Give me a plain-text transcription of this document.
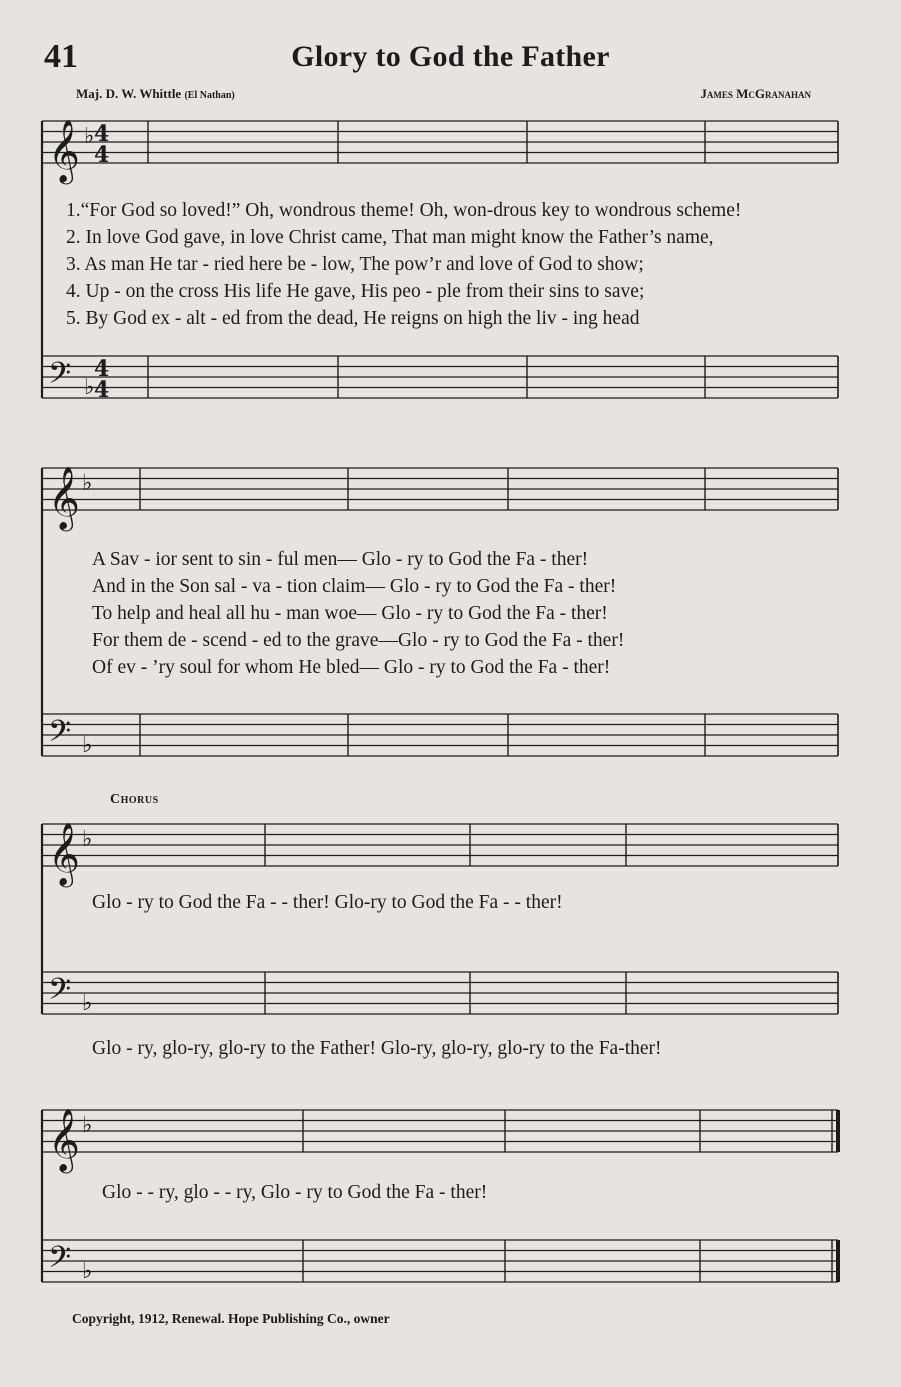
41	Glory to God the Father
Maj. D. W. Whittle (El Nathan)	James McGranahan
𝄞 ♭ 4
4
𝄢 ♭
4
4
𝄞 ♭
𝄢 ♭
𝄞 ♭
𝄢 ♭
𝄞 ♭
𝄢 ♭
1.“For God so loved!” Oh, wondrous theme! Oh, won-drous key to wondrous scheme!
2. In love God gave, in love Christ came, That man might know the Father’s name,
3. As man He tar - ried here be - low, The pow’r and love of God to show;
4. Up - on the cross His life He gave, His peo - ple from their sins to save;
5. By God ex - alt - ed from the dead, He reigns on high the liv - ing head
A Sav - ior sent to sin - ful men— Glo - ry to God the Fa - ther!
And in the Son sal - va - tion claim— Glo - ry to God the Fa - ther!
To help and heal all hu - man woe— Glo - ry to God the Fa - ther!
For them de - scend - ed to the grave—Glo - ry to God the Fa - ther!
Of ev - ’ry soul for whom He bled— Glo - ry to God the Fa - ther!
Chorus
Glo - ry to God the Fa - - ther! Glo-ry to God the Fa - - ther!
Glo - ry, glo-ry, glo-ry to the Father! Glo-ry, glo-ry, glo-ry to the Fa-ther!
Glo - - ry, glo - - ry, Glo - ry to God the Fa - ther!
Copyright, 1912, Renewal. Hope Publishing Co., owner
